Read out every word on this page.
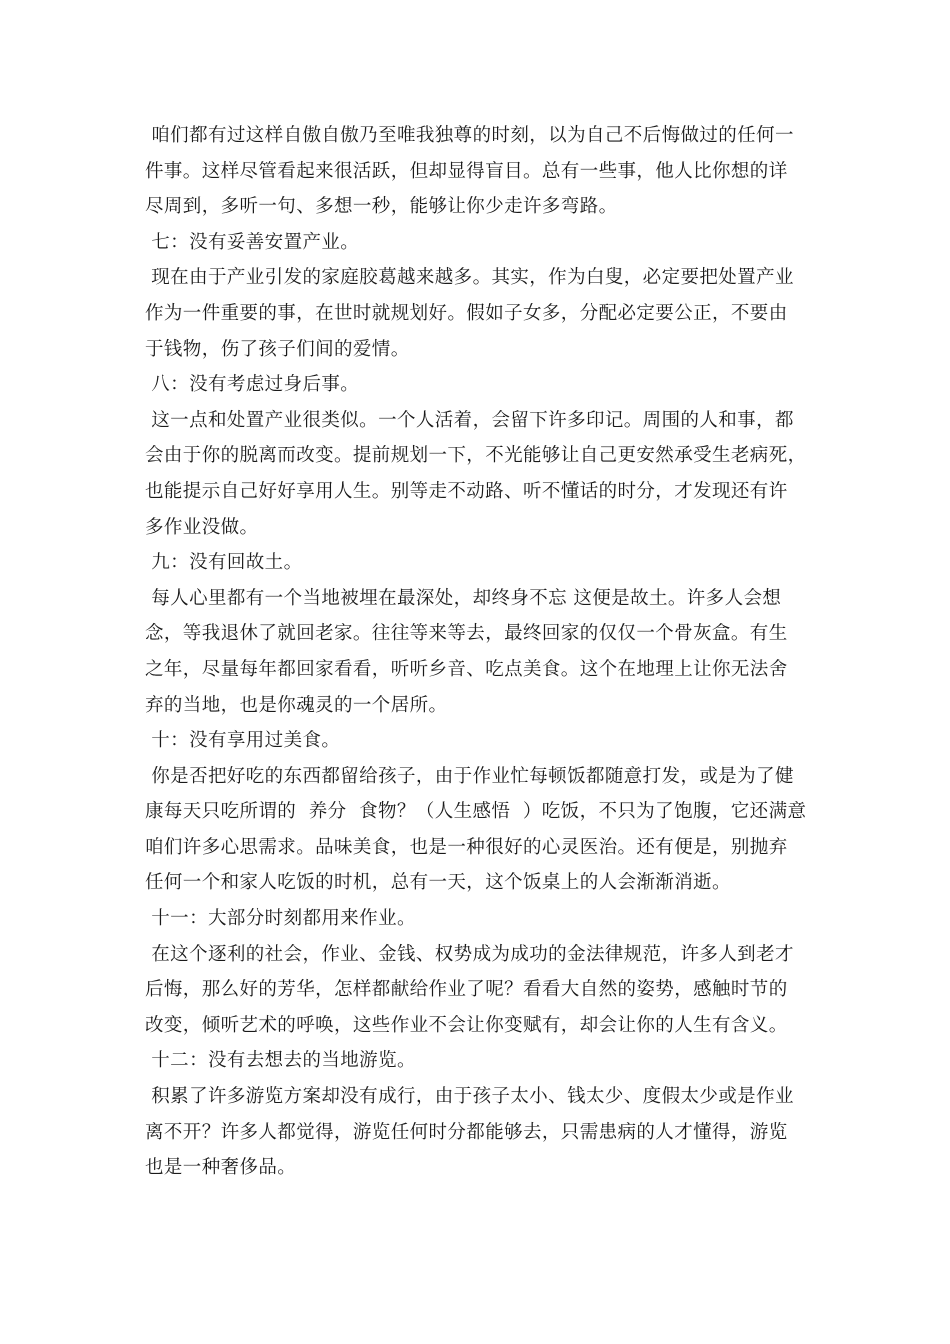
咱们都有过这样自傲自傲乃至唯我独尊的时刻，以为自己不后悔做过的任何一
件事。这样尽管看起来很活跃，但却显得盲目。总有一些事，他人比你想的详
尽周到，多听一句、多想一秒，能够让你少走许多弯路。
七：没有妥善安置产业。
现在由于产业引发的家庭胶葛越来越多。其实，作为白叟，必定要把处置产业
作为一件重要的事，在世时就规划好。假如子女多，分配必定要公正，不要由
于钱物，伤了孩子们间的爱情。
八：没有考虑过身后事。
这一点和处置产业很类似。一个人活着，会留下许多印记。周围的人和事，都
会由于你的脱离而改变。提前规划一下，不光能够让自己更安然承受生老病死，
也能提示自己好好享用人生。别等走不动路、听不懂话的时分，才发现还有许
多作业没做。
九：没有回故土。
每人心里都有一个当地被埋在最深处，却终身不忘 这便是故土。许多人会想
念，等我退休了就回老家。往往等来等去，最终回家的仅仅一个骨灰盒。有生
之年，尽量每年都回家看看，听听乡音、吃点美食。这个在地理上让你无法舍
弃的当地，也是你魂灵的一个居所。
十：没有享用过美食。
你是否把好吃的东西都留给孩子，由于作业忙每顿饭都随意打发，或是为了健
康每天只吃所谓的  养分  食物？（人生感悟  ）吃饭，不只为了饱腹，它还满意
咱们许多心思需求。品味美食，也是一种很好的心灵医治。还有便是，别抛弃
任何一个和家人吃饭的时机，总有一天，这个饭桌上的人会渐渐消逝。
十一：大部分时刻都用来作业。
在这个逐利的社会，作业、金钱、权势成为成功的金法律规范，许多人到老才
后悔，那么好的芳华，怎样都献给作业了呢？看看大自然的姿势，感触时节的
改变，倾听艺术的呼唤，这些作业不会让你变赋有，却会让你的人生有含义。
十二：没有去想去的当地游览。
积累了许多游览方案却没有成行，由于孩子太小、钱太少、度假太少或是作业
离不开？许多人都觉得，游览任何时分都能够去，只需患病的人才懂得，游览
也是一种奢侈品。
